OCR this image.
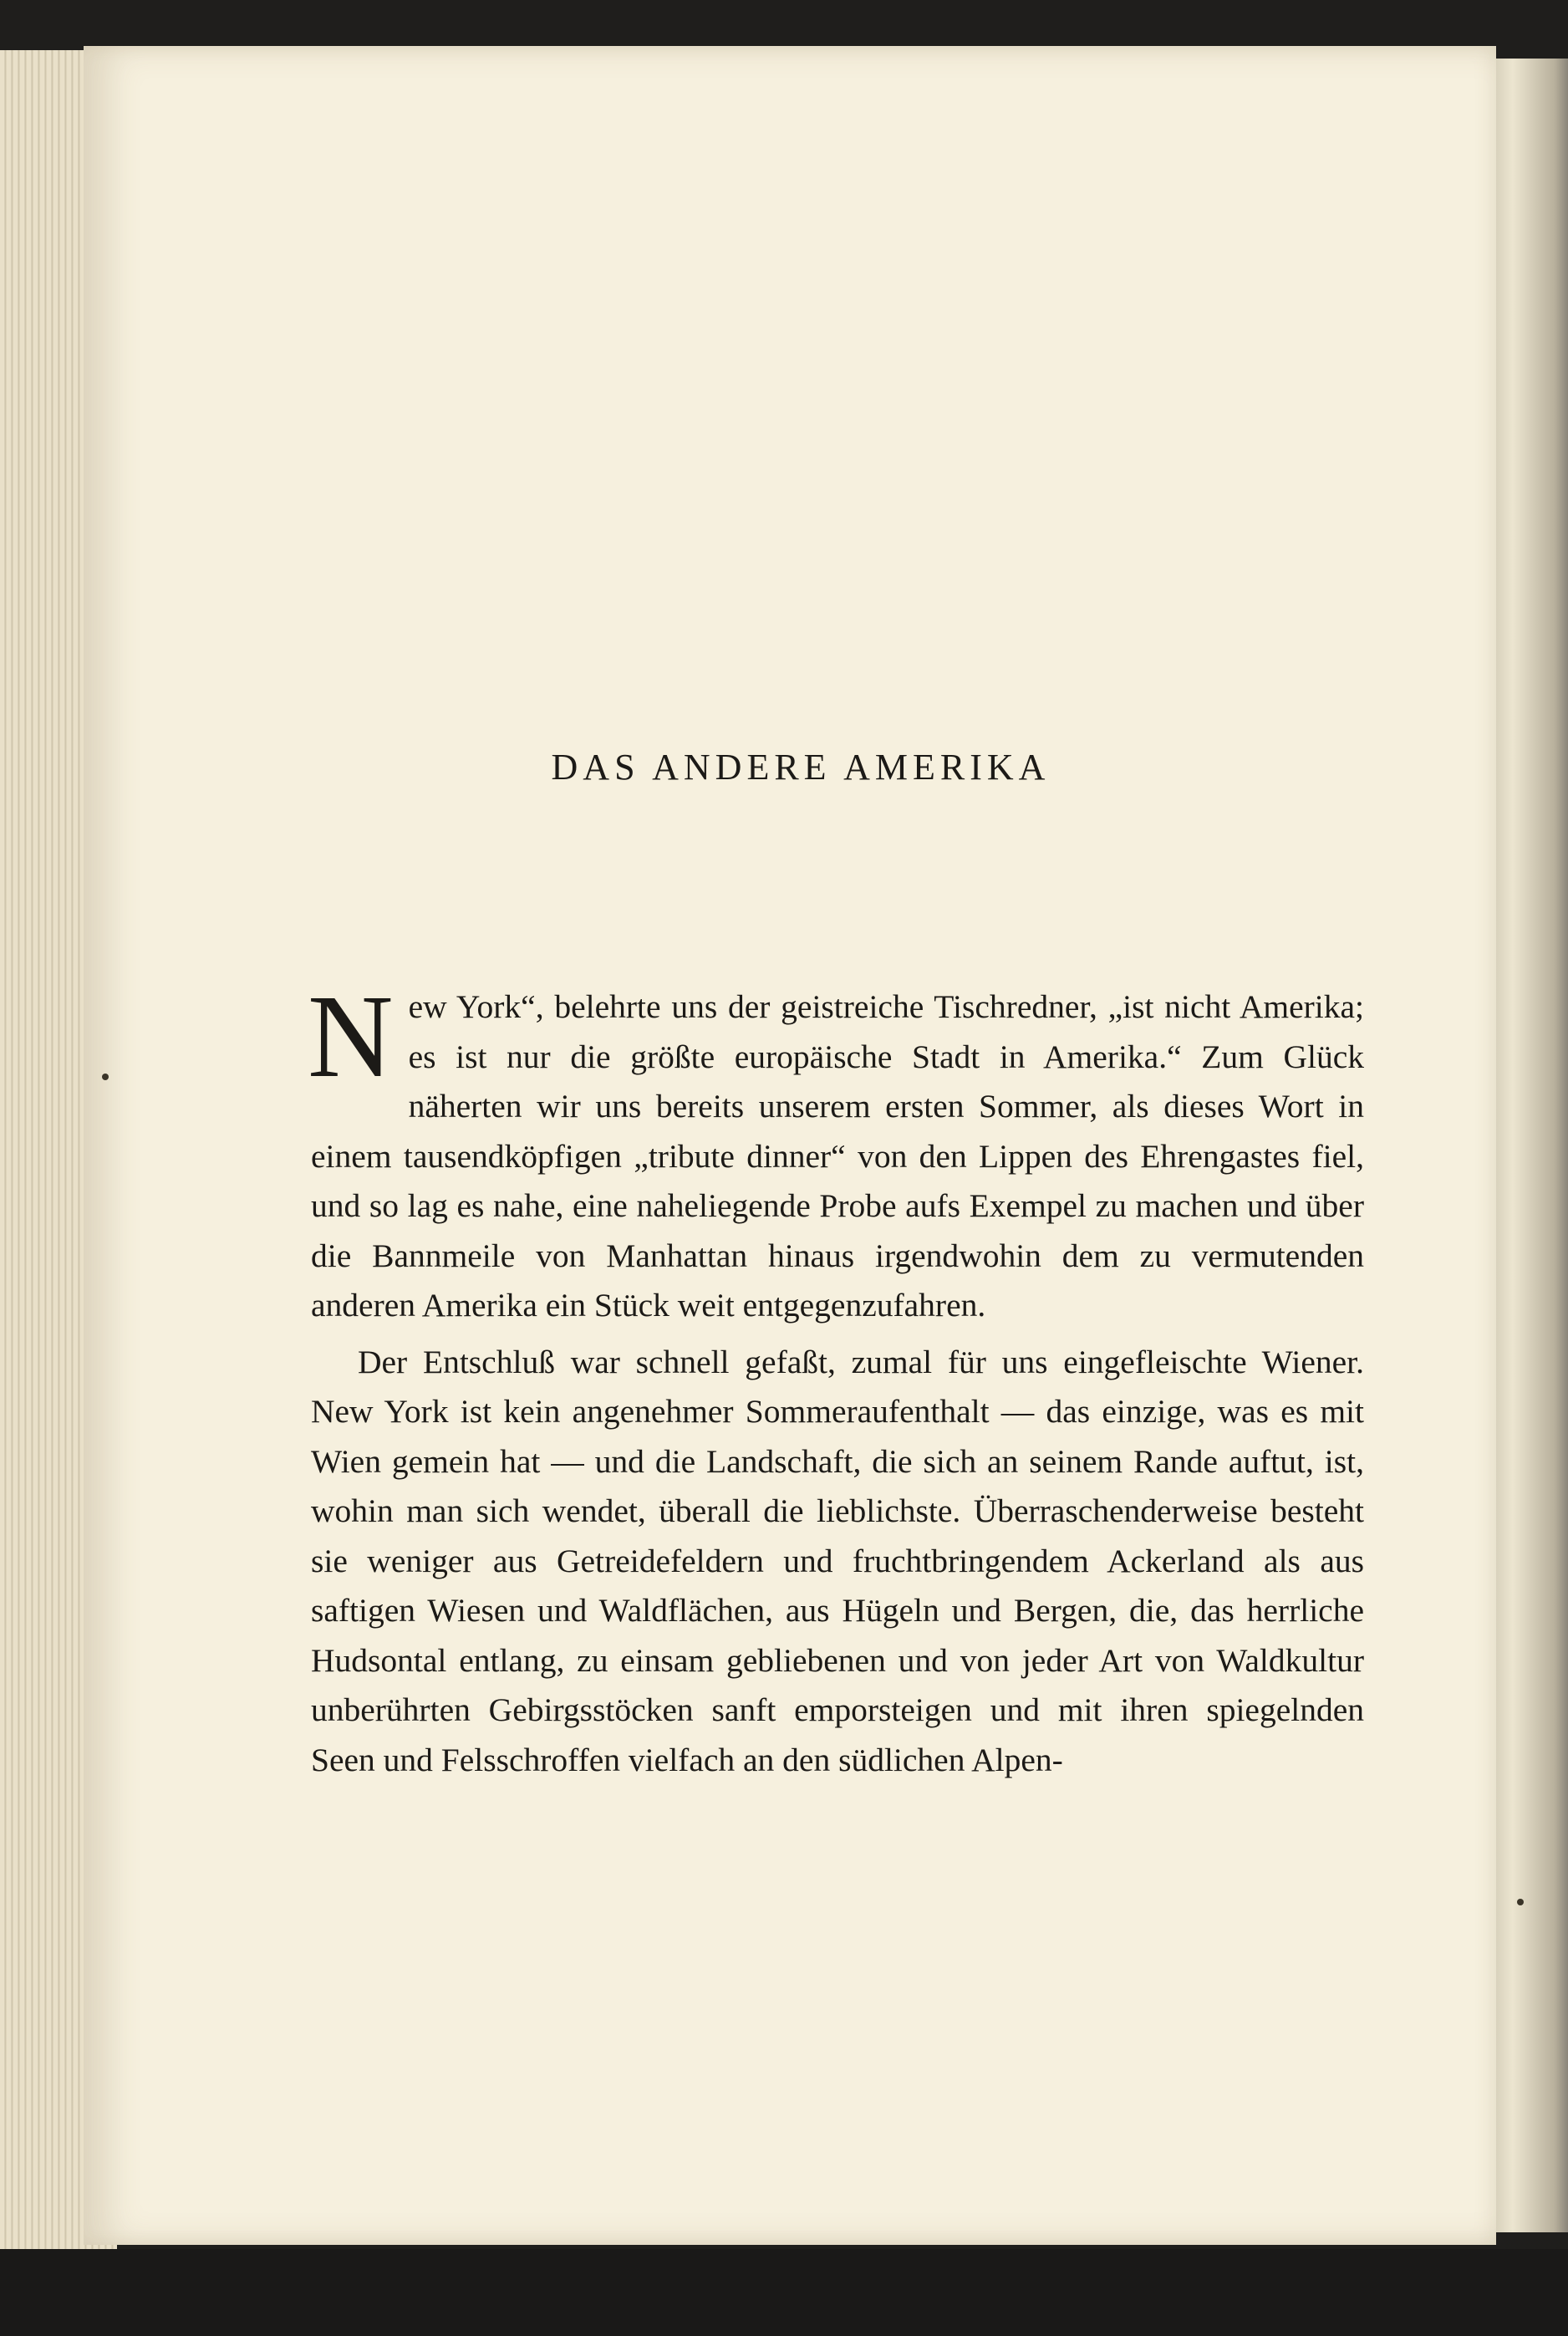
DAS ANDERE AMERIKA

New York“, belehrte uns der geistreiche Tischredner, „ist nicht Amerika; es ist nur die größte europäische Stadt in Amerika.“ Zum Glück näherten wir uns bereits unserem ersten Sommer, als dieses Wort in einem tausendköpfigen „tribute dinner“ von den Lippen des Ehrengastes fiel, und so lag es nahe, eine naheliegende Probe aufs Exempel zu machen und über die Bannmeile von Manhattan hinaus irgendwohin dem zu vermutenden anderen Amerika ein Stück weit entgegenzufahren.

Der Entschluß war schnell gefaßt, zumal für uns eingefleischte Wiener. New York ist kein angenehmer Sommeraufenthalt — das einzige, was es mit Wien gemein hat — und die Landschaft, die sich an seinem Rande auftut, ist, wohin man sich wendet, überall die lieblichste. Überraschenderweise besteht sie weniger aus Getreidefeldern und fruchtbringendem Ackerland als aus saftigen Wiesen und Waldflächen, aus Hügeln und Bergen, die, das herrliche Hudsontal entlang, zu einsam gebliebenen und von jeder Art von Waldkultur unberührten Gebirgsstöcken sanft emporsteigen und mit ihren spiegelnden Seen und Felsschroffen vielfach an den südlichen Alpen-
